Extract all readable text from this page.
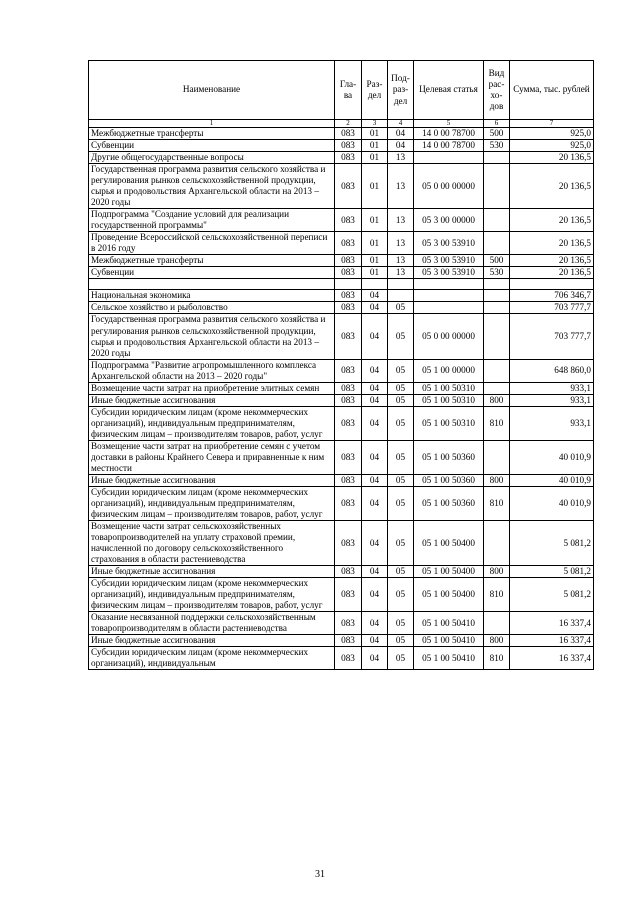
Наименование	Гла-ва	Раз-дел	Под-раз-дел	Целевая статья	Вид рас-хо-дов	Сумма, тыс. рублей
1	2	3	4	5	6	7
Межбюджетные трансферты	083	01	04	14 0 00 78700	500	925,0
Субвенции	083	01	04	14 0 00 78700	530	925,0
Другие общегосударственные вопросы	083	01	13			20 136,5
Государственная программа развития сельского хозяйства и регулирования рынков сельскохозяйственной продукции, сырья и продовольствия Архангельской области на 2013 – 2020 годы	083	01	13	05 0 00 00000		20 136,5
Подпрограмма "Создание условий для реализации государственной программы"	083	01	13	05 3 00 00000		20 136,5
Проведение Всероссийской сельскохозяйственной переписи в 2016 году	083	01	13	05 3 00 53910		20 136,5
Межбюджетные трансферты	083	01	13	05 3 00 53910	500	20 136,5
Субвенции	083	01	13	05 3 00 53910	530	20 136,5

Национальная экономика	083	04				706 346,7
Сельское хозяйство и рыболовство	083	04	05			703 777,7
Государственная программа развития сельского хозяйства и регулирования рынков сельскохозяйственной продукции, сырья и продовольствия Архангельской области на 2013 – 2020 годы	083	04	05	05 0 00 00000		703 777,7
Подпрограмма "Развитие агропромышленного комплекса Архангельской области на 2013 – 2020 годы"	083	04	05	05 1 00 00000		648 860,0
Возмещение части затрат на приобретение элитных семян	083	04	05	05 1 00 50310		933,1
Иные бюджетные ассигнования	083	04	05	05 1 00 50310	800	933,1
Субсидии юридическим лицам (кроме некоммерческих организаций), индивидуальным предпринимателям, физическим лицам – производителям товаров, работ, услуг	083	04	05	05 1 00 50310	810	933,1
Возмещение части затрат на приобретение семян с учетом доставки в районы Крайнего Севера и приравненные к ним местности	083	04	05	05 1 00 50360		40 010,9
Иные бюджетные ассигнования	083	04	05	05 1 00 50360	800	40 010,9
Субсидии юридическим лицам (кроме некоммерческих организаций), индивидуальным предпринимателям, физическим лицам – производителям товаров, работ, услуг	083	04	05	05 1 00 50360	810	40 010,9
Возмещение части затрат сельскохозяйственных товаропроизводителей на уплату страховой премии, начисленной по договору сельскохозяйственного страхования в области растениеводства	083	04	05	05 1 00 50400		5 081,2
Иные бюджетные ассигнования	083	04	05	05 1 00 50400	800	5 081,2
Субсидии юридическим лицам (кроме некоммерческих организаций), индивидуальным предпринимателям, физическим лицам – производителям товаров, работ, услуг	083	04	05	05 1 00 50400	810	5 081,2
Оказание несвязанной поддержки сельскохозяйственным товаропроизводителям в области растениеводства	083	04	05	05 1 00 50410		16 337,4
Иные бюджетные ассигнования	083	04	05	05 1 00 50410	800	16 337,4
Субсидии юридическим лицам (кроме некоммерческих организаций), индивидуальным	083	04	05	05 1 00 50410	810	16 337,4
31
